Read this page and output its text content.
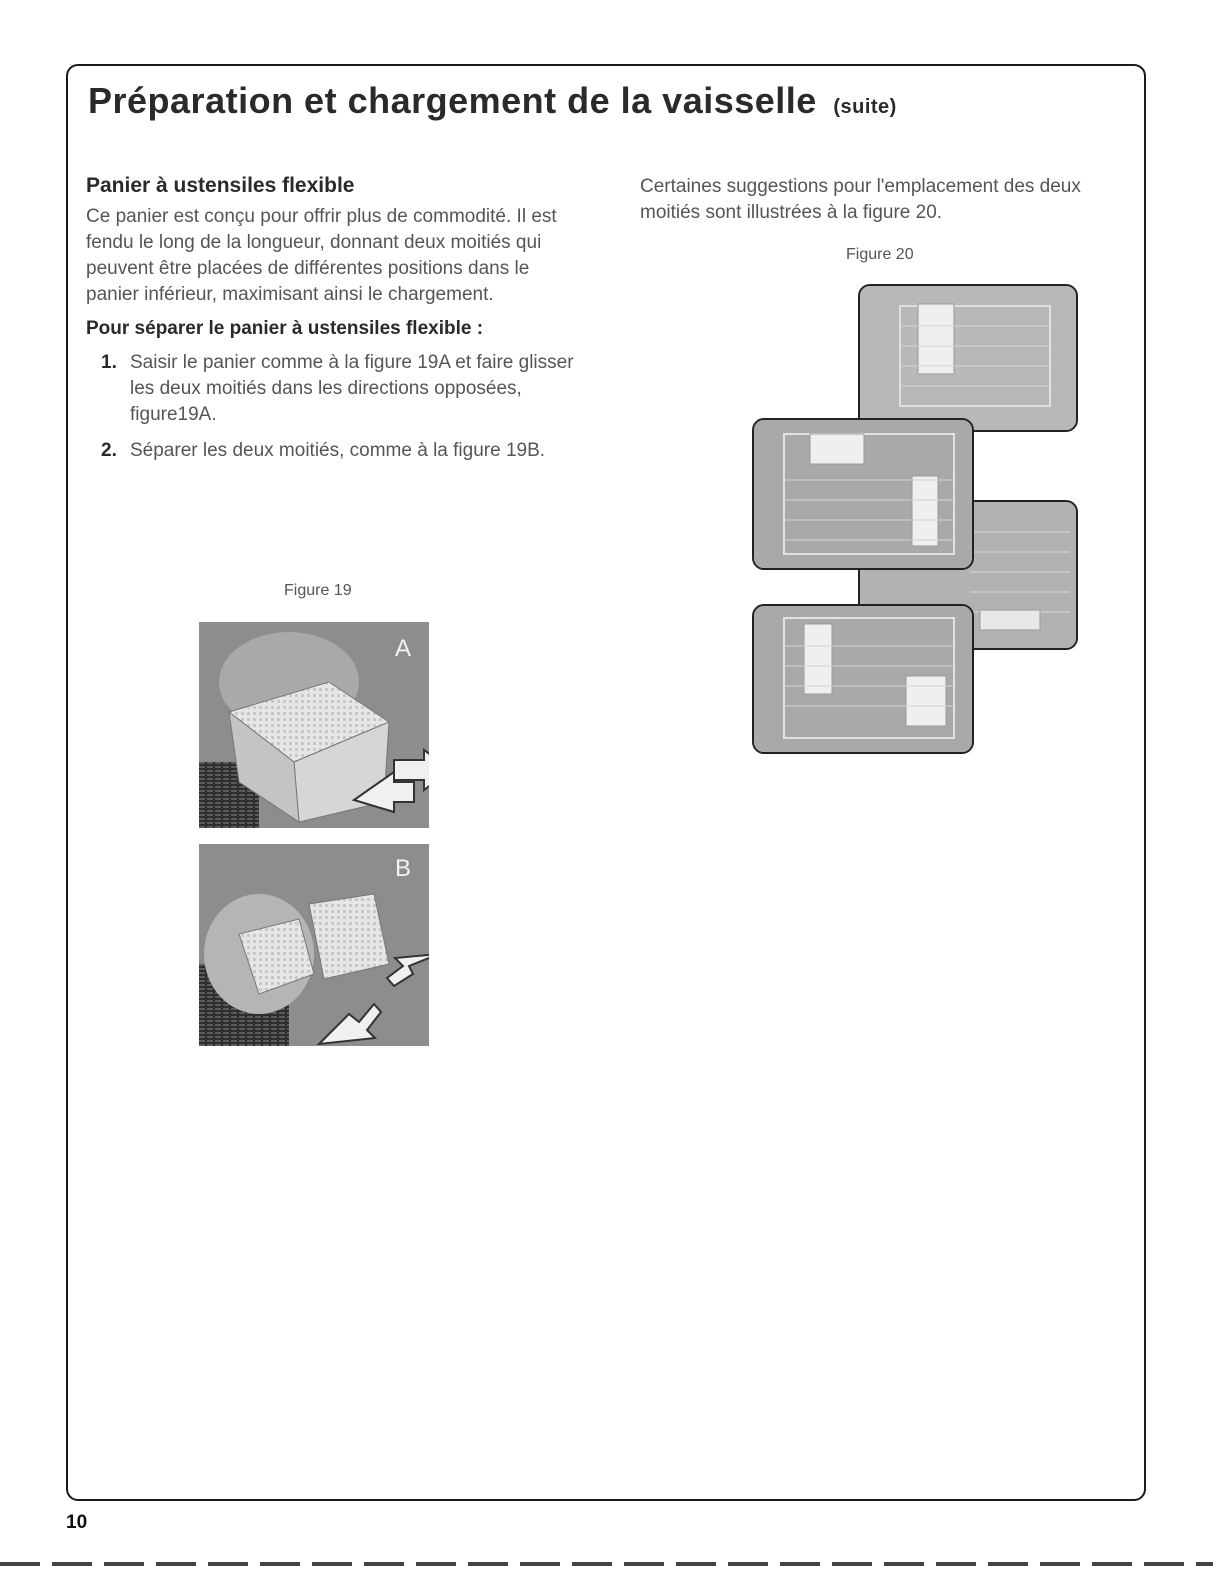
Préparation et chargement de la vaisselle (suite)
Panier à ustensiles flexible

Ce panier est conçu pour offrir plus de commodité. Il est fendu le long de la longueur, donnant deux moitiés qui peuvent être placées de différentes positions dans le panier inférieur, maximisant ainsi le chargement.

Pour séparer le panier à ustensiles flexible :
1. Saisir le panier comme à la figure 19A et faire glisser les deux moitiés dans les directions opposées, figure19A.
2. Séparer les deux moitiés, comme à la figure 19B.
Figure 19
A
B

Certaines suggestions pour l'emplacement des deux moitiés sont illustrées à la figure 20.

Figure 20
10
